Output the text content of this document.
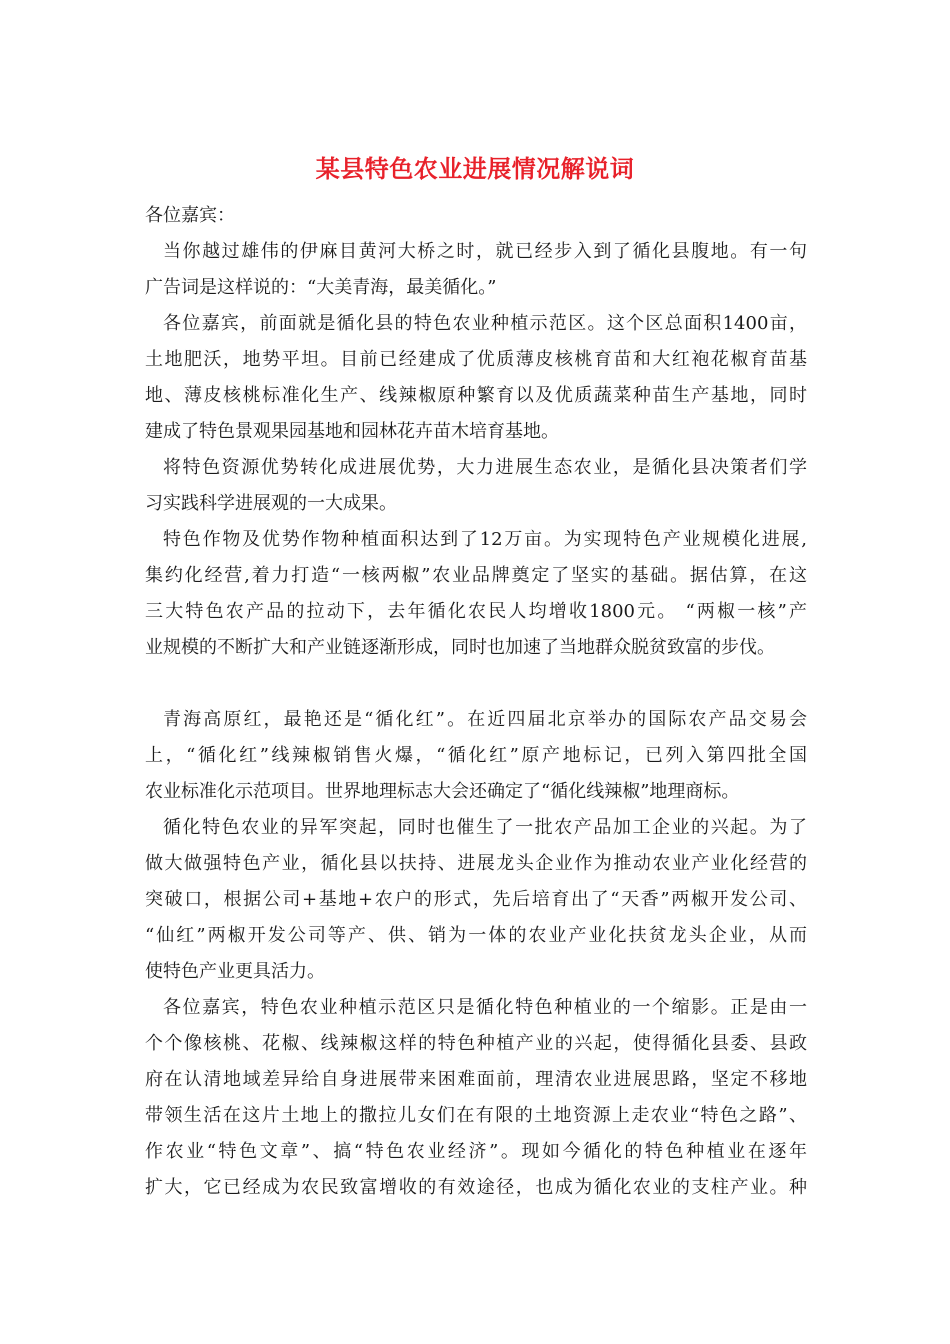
某县特色农业进展情况解说词
各位嘉宾：
当你越过雄伟的伊麻目黄河大桥之时，就已经步入到了循化县腹地。有一句
广告词是这样说的：“大美青海，最美循化。”
各位嘉宾，前面就是循化县的特色农业种植示范区。这个区总面积1400亩，
土地肥沃，地势平坦。目前已经建成了优质薄皮核桃育苗和大红袍花椒育苗基
地、薄皮核桃标准化生产、线辣椒原种繁育以及优质蔬菜种苗生产基地，同时
建成了特色景观果园基地和园林花卉苗木培育基地。
将特色资源优势转化成进展优势，大力进展生态农业，是循化县决策者们学
习实践科学进展观的一大成果。
特色作物及优势作物种植面积达到了12万亩。为实现特色产业规模化进展,
集约化经营,着力打造“一核两椒”农业品牌奠定了坚实的基础。据估算，在这
三大特色农产品的拉动下，去年循化农民人均增收1800元。 “两椒一核”产
业规模的不断扩大和产业链逐渐形成，同时也加速了当地群众脱贫致富的步伐。
青海高原红，最艳还是“循化红”。在近四届北京举办的国际农产品交易会
上，“循化红”线辣椒销售火爆，“循化红”原产地标记，已列入第四批全国
农业标准化示范项目。世界地理标志大会还确定了“循化线辣椒”地理商标。
循化特色农业的异军突起，同时也催生了一批农产品加工企业的兴起。为了
做大做强特色产业，循化县以扶持、进展龙头企业作为推动农业产业化经营的
突破口，根据公司+基地+农户的形式，先后培育出了“天香”两椒开发公司、
“仙红”两椒开发公司等产、供、销为一体的农业产业化扶贫龙头企业，从而
使特色产业更具活力。
各位嘉宾，特色农业种植示范区只是循化特色种植业的一个缩影。正是由一
个个像核桃、花椒、线辣椒这样的特色种植产业的兴起，使得循化县委、县政
府在认清地域差异给自身进展带来困难面前，理清农业进展思路，坚定不移地
带领生活在这片土地上的撒拉儿女们在有限的土地资源上走农业“特色之路”、
作农业“特色文章”、搞“特色农业经济”。现如今循化的特色种植业在逐年
扩大，它已经成为农民致富增收的有效途径，也成为循化农业的支柱产业。种
